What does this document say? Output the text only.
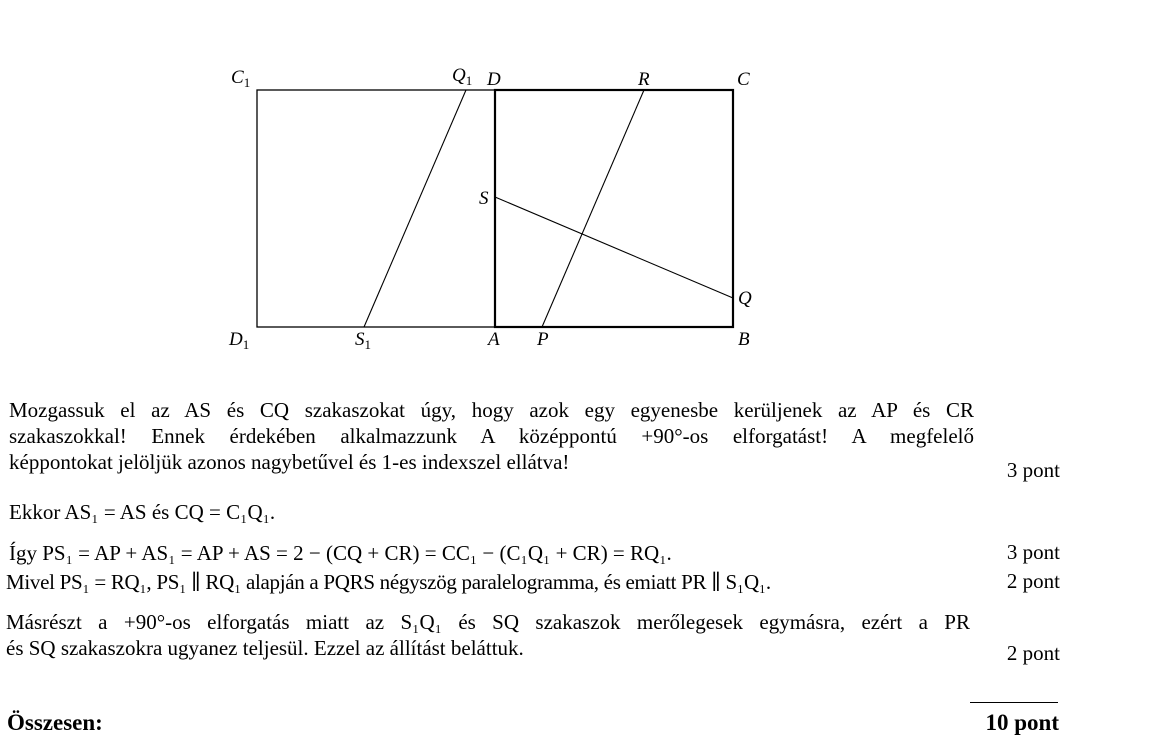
$C_1$	$Q_1$ D	R	C
S
Q
$D_1$	$S_1$	A P	B
Mozgassuk el az AS és CQ szakaszokat úgy, hogy azok egy egyenesbe kerüljenek az AP és CR
szakaszokkal! Ennek érdekében alkalmazzunk A középpontú +90°-os elforgatást! A megfelelő
képpontokat jelöljük azonos nagybetűvel és 1-es indexszel ellátva!	3 pont
Ekkor AS₁ = AS és CQ = C₁Q₁.
Így PS₁ = AP + AS₁ = AP + AS = 2 − (CQ + CR) = CC₁ − (C₁Q₁ + CR) = RQ₁.	3 pont
Mivel PS₁ = RQ₁, PS₁ ∥ RQ₁ alapján a PQRS négyszög paralelogramma, és emiatt PR ∥ S₁Q₁.	2 pont
Másrészt a +90°-os elforgatás miatt az S₁Q₁ és SQ szakaszok merőlegesek egymásra, ezért a PR
és SQ szakaszokra ugyanez teljesül. Ezzel az állítást beláttuk.	2 pont
Összesen:	10 pont
